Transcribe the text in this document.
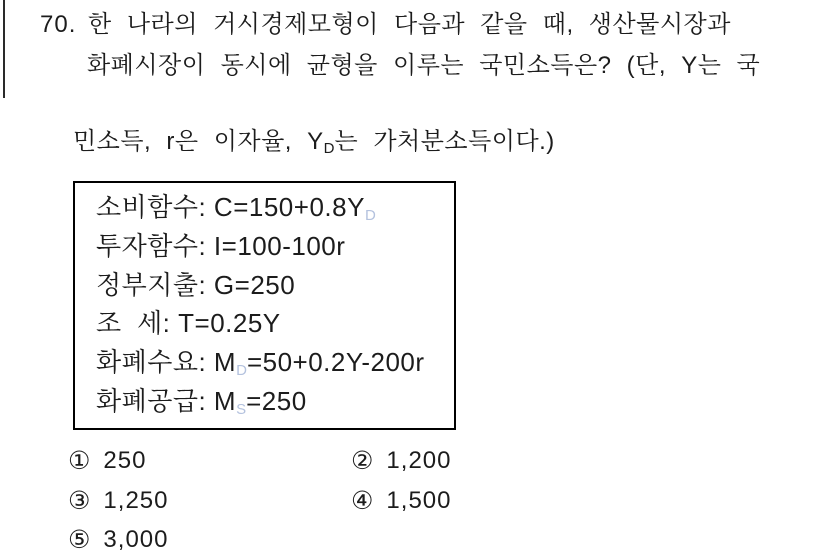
70. 한 나라의 거시경제모형이 다음과 같을 때, 생산물시장과
화폐시장이 동시에 균형을 이루는 국민소득은? (단, Y는 국
민소득, r은 이자율, $Y_D$는 가처분소득이다.)
소비함수: $C=150+0.8Y_D$
투자함수: I=100-100r
정부지출: G=250
조  세: T=0.25Y
화폐수요: $M_D=50+0.2Y-200r$
화폐공급: $M_S=250$
① 250	② 1,200
③ 1,250	④ 1,500
⑤ 3,000
